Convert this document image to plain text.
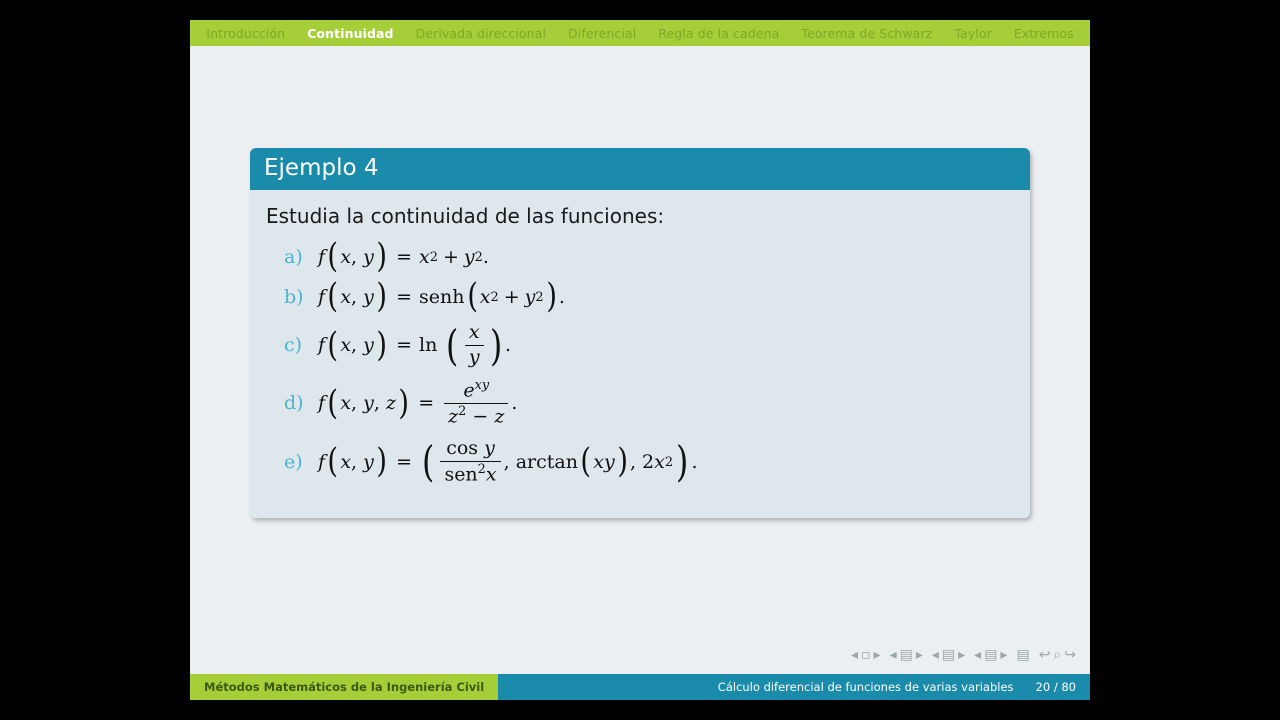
Introducción	Continuidad	Derivada direccional	Diferencial	Regla de la cadena	Teorema de Schwarz	Taylor	Extremos
Ejemplo 4
Estudia la continuidad de las funciones:
a) f ( x , y ) = x 2 + y 2 .
b) f ( x , y ) = senh ( x 2 + y 2 ) .
c) f ( x , y ) = ln
( $\frac{x}{y}$ ) .
d) f ( x , y , z ) = $\frac{e^{xy}}{z^2 - z}$ .
e) f ( x , y ) = ( $\frac{\text{cos y}}{sen^2x}$ , arctan ( xy ) , 2 x 2 ) .
◂ ▫ ▸ ◂ ▤ ▸ ◂ ▤ ▸ ◂ ▤ ▸ ▤ ↩ ⌕ ↪
Métodos Matemáticos de la Ingeniería Civil	Cálculo diferencial de funciones de varias variables	20 / 80
